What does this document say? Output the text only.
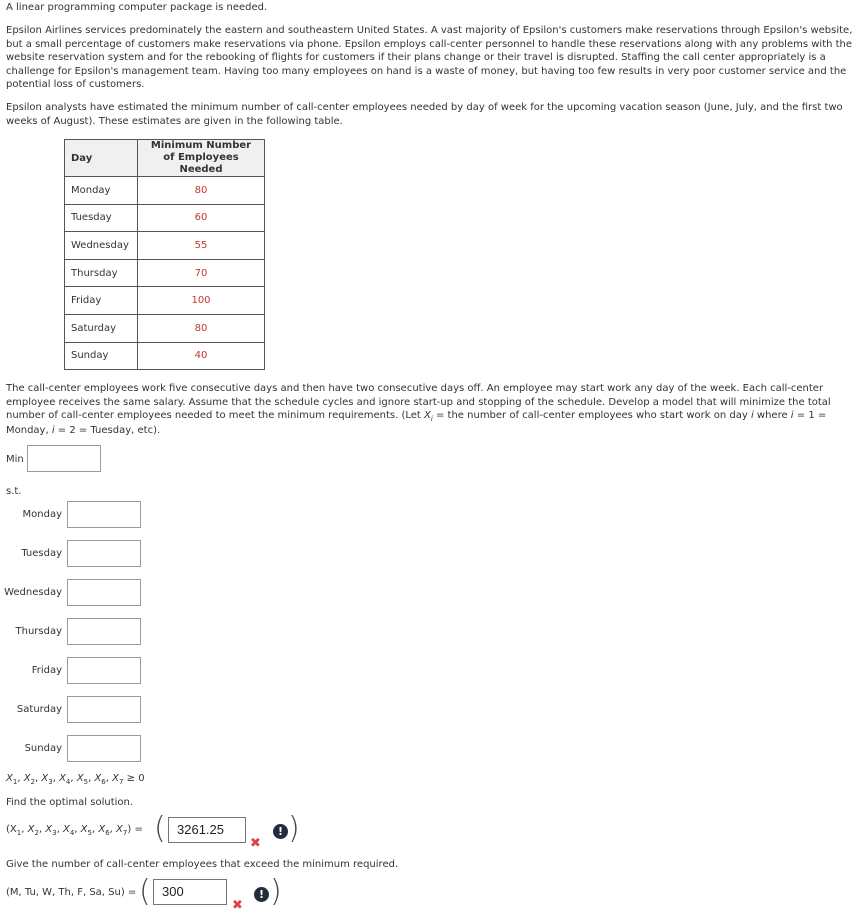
A linear programming computer package is needed.

Epsilon Airlines services predominately the eastern and southeastern United States. A vast majority of Epsilon's customers make reservations through Epsilon's website, but a small percentage of customers make reservations via phone. Epsilon employs call-center personnel to handle these reservations along with any problems with the website reservation system and for the rebooking of flights for customers if their plans change or their travel is disrupted. Staffing the call center appropriately is a challenge for Epsilon's management team. Having too many employees on hand is a waste of money, but having too few results in very poor customer service and the potential loss of customers.

Epsilon analysts have estimated the minimum number of call-center employees needed by day of week for the upcoming vacation season (June, July, and the first two weeks of August). These estimates are given in the following table.

Day	Minimum Number of Employees Needed
Monday	80
Tuesday	60
Wednesday	55
Thursday	70
Friday	100
Saturday	80
Sunday	40

The call-center employees work five consecutive days and then have two consecutive days off. An employee may start work any day of the week. Each call-center employee receives the same salary. Assume that the schedule cycles and ignore start-up and stopping of the schedule. Develop a model that will minimize the total number of call-center employees needed to meet the minimum requirements. (Let $X_i$ = the number of call-center employees who start work on day i where i = 1 = Monday, i = 2 = Tuesday, etc).

Min
s.t.
Monday
Tuesday
Wednesday
Thursday
Friday
Saturday
Sunday
$X_1$, $X_2$, $X_3$, $X_4$, $X_5$, $X_6$, $X_7 \ge 0$
Find the optimal solution.
($X_1$, $X_2$, $X_3$, $X_4$, $X_5$, $X_6$, $X_7$) = ( 3261.25
✖
! )
Give the number of call-center employees that exceed the minimum required.
(M, Tu, W, Th, F, Sa, Su) = ( 300
✖
! )
